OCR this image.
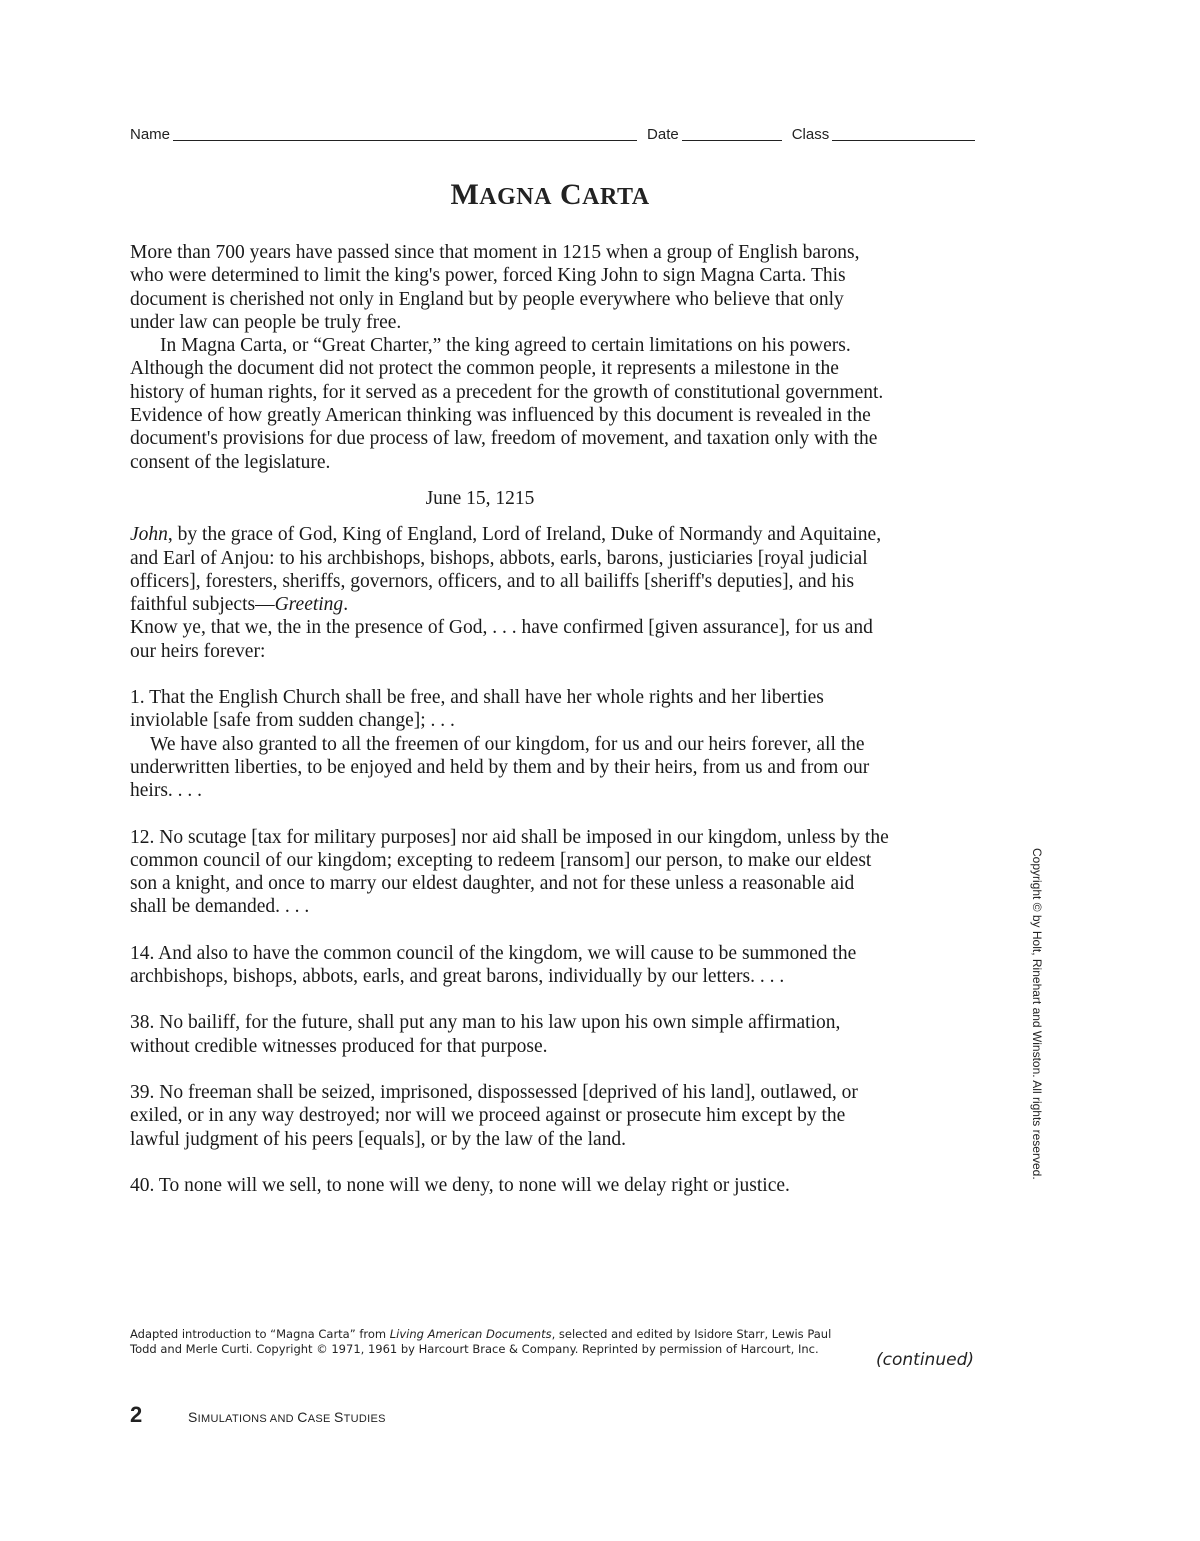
Name	Date	Class
MAGNA CARTA

More than 700 years have passed since that moment in 1215 when a group of English barons, who were determined to limit the king's power, forced King John to sign Magna Carta. This document is cherished not only in England but by people everywhere who believe that only under law can people be truly free.

In Magna Carta, or “Great Charter,” the king agreed to certain limitations on his powers. Although the document did not protect the common people, it represents a milestone in the history of human rights, for it served as a precedent for the growth of constitutional government. Evidence of how greatly American thinking was influenced by this document is revealed in the document's provisions for due process of law, freedom of movement, and taxation only with the consent of the legislature.

June 15, 1215

John, by the grace of God, King of England, Lord of Ireland, Duke of Normandy and Aquitaine, and Earl of Anjou: to his archbishops, bishops, abbots, earls, barons, justiciaries [royal judicial officers], foresters, sheriffs, governors, officers, and to all bailiffs [sheriff's deputies], and his faithful subjects—Greeting.

Know ye, that we, the in the presence of God, . . . have confirmed [given assurance], for us and our heirs forever:

1. That the English Church shall be free, and shall have her whole rights and her liberties inviolable [safe from sudden change]; . . .

We have also granted to all the freemen of our kingdom, for us and our heirs forever, all the underwritten liberties, to be enjoyed and held by them and by their heirs, from us and from our heirs. . . .

12. No scutage [tax for military purposes] nor aid shall be imposed in our kingdom, unless by the common council of our kingdom; excepting to redeem [ransom] our person, to make our eldest son a knight, and once to marry our eldest daughter, and not for these unless a reasonable aid shall be demanded. . . .

14. And also to have the common council of the kingdom, we will cause to be summoned the archbishops, bishops, abbots, earls, and great barons, individually by our letters. . . .

38. No bailiff, for the future, shall put any man to his law upon his own simple affirmation, without credible witnesses produced for that purpose.

39. No freeman shall be seized, imprisoned, dispossessed [deprived of his land], outlawed, or exiled, or in any way destroyed; nor will we proceed against or prosecute him except by the lawful judgment of his peers [equals], or by the law of the land.

40. To none will we sell, to none will we deny, to none will we delay right or justice.

Copyright © by Holt, Rinehart and Winston. All rights reserved.
Adapted introduction to “Magna Carta” from Living American Documents, selected and edited by Isidore Starr, Lewis Paul Todd and Merle Curti. Copyright © 1971, 1961 by Harcourt Brace & Company. Reprinted by permission of Harcourt, Inc.
(continued)
2	SIMULATIONS AND CASE STUDIES
